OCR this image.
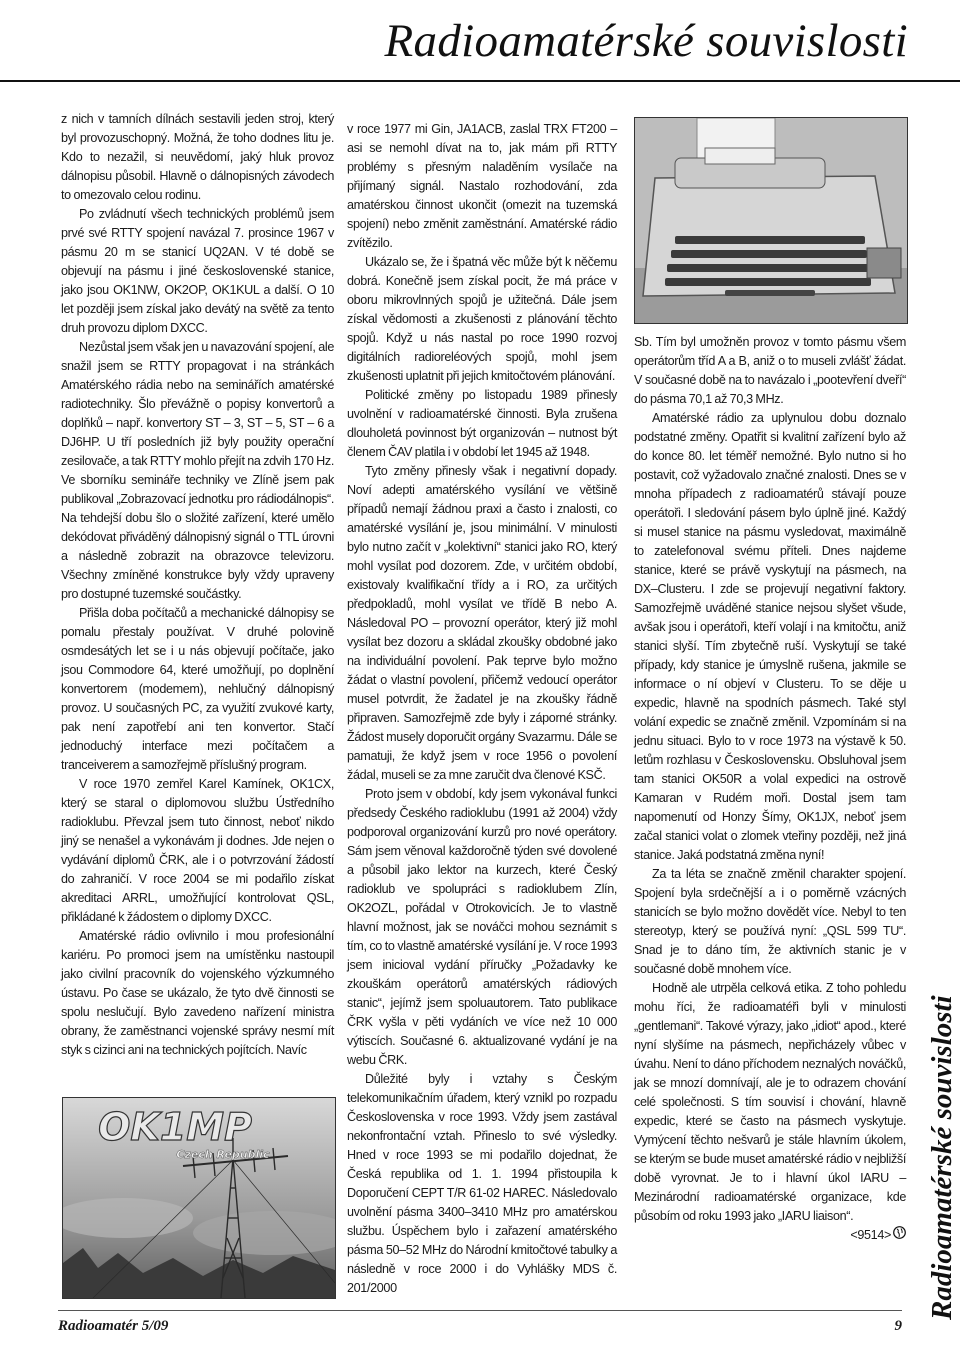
Radioamatérské souvislosti
OK1MP
Czech Republic

z nich v tamních dílnách sestavili jeden stroj, který byl provozuschopný. Možná, že toho dodnes litu je. Kdo to nezažil, si neuvědomí, jaký hluk provoz dálnopisu působil. Hlavně o dálnopisných závodech to omezovalo celou rodinu.

Po zvládnutí všech technických problémů jsem prvé své RTTY spojení navázal 7. prosince 1967 v pásmu 20 m se stanicí UQ2AN. V té době se objevují na pásmu i jiné československé stanice, jako jsou OK1NW, OK2OP, OK1KUL a další. O 10 let později jsem získal jako devátý na světě za tento druh provozu diplom DXCC.

Nezůstal jsem však jen u navazování spojení, ale snažil jsem se RTTY propagovat i na stránkách Amatérského rádia nebo na seminářích amatérské radiotechniky. Šlo převážně o popisy konvertorů a doplňků – např. konvertory ST – 3, ST – 5, ST – 6 a DJ6HP. U tří posledních již byly použity operační zesilovače, a tak RTTY mohlo přejít na zdvih 170 Hz. Ve sborníku semináře techniky ve Zlíně jsem pak publikoval „Zobrazovací jednotku pro rádiodálnopis“. Na tehdejší dobu šlo o složité zařízení, které umělo dekódovat přiváděný dálnopisný signál o TTL úrovni a následně zobrazit na obrazovce televizoru. Všechny zmíněné konstrukce byly vždy upraveny pro dostupné tuzemské součástky.

Přišla doba počítačů a mechanické dálnopisy se pomalu přestaly používat. V druhé polovině osmdesátých let se i u nás objevují počítače, jako jsou Commodore 64, které umožňují, po doplnění konvertorem (modemem), nehlučný dálnopisný provoz. U současných PC, za využití zvukové karty, pak není zapotřebí ani ten konvertor. Stačí jednoduchý interface mezi počítačem a tranceiverem a samozřejmě příslušný program.

V roce 1970 zemřel Karel Kamínek, OK1CX, který se staral o diplomovou službu Ústředního radioklubu. Převzal jsem tuto činnost, neboť nikdo jiný se nenašel a vykonávám ji dodnes. Jde nejen o vydávání diplomů ČRK, ale i o potvrzování žádostí do zahraničí. V roce 2004 se mi podařilo získat akreditaci ARRL, umožňující kontrolovat QSL, přikládané k žádostem o diplomy DXCC.

Amatérské rádio ovlivnilo i mou profesionální kariéru. Po promoci jsem na umístěnku nastoupil jako civilní pracovník do vojenského výzkumného ústavu. Po čase se ukázalo, že tyto dvě činnosti se spolu neslučují. Bylo zavedeno nařízení ministra obrany, že zaměstnanci vojenské správy nesmí mít styk s cizinci ani na technických pojítcích. Navíc

v roce 1977 mi Gin, JA1ACB, zaslal TRX FT200 – asi se nemohl dívat na to, jak mám při RTTY problémy s přesným naladěním vysílače na přijímaný signál. Nastalo rozhodování, zda amatérskou činnost ukončit (omezit na tuzemská spojení) nebo změnit zaměstnání. Amatérské rádio zvítězilo.

Ukázalo se, že i špatná věc může být k něčemu dobrá. Konečně jsem získal pocit, že má práce v oboru mikrovlnných spojů je užitečná. Dále jsem získal vědomosti a zkušenosti z plánování těchto spojů. Když u nás nastal po roce 1990 rozvoj digitálních radioreléových spojů, mohl jsem zkušenosti uplatnit při jejich kmitočtovém plánování.

Politické změny po listopadu 1989 přinesly uvolnění v radioamatérské činnosti. Byla zrušena dlouholetá povinnost být organizován – nutnost být členem ČAV platila i v období let 1945 až 1948.

Tyto změny přinesly však i negativní dopady. Noví adepti amatérského vysílání ve většině případů nemají žádnou praxi a často i znalosti, co amatérské vysílání je, jsou minimální. V minulosti bylo nutno začít v „kolektivní“ stanici jako RO, který mohl vysílat pod dozorem. Zde, v určitém období, existovaly kvalifikační třídy a i RO, za určitých předpokladů, mohl vysílat ve třídě B nebo A. Následoval PO – provozní operátor, který již mohl vysílat bez dozoru a skládal zkoušky obdobné jako na individuální povolení. Pak teprve bylo možno žádat o vlastní povolení, přičemž vedoucí operátor musel potvrdit, že žadatel je na zkoušky řádně připraven. Samozřejmě zde byly i záporné stránky. Žádost musely doporučit orgány Svazarmu. Dále se pamatuji, že když jsem v roce 1956 o povolení žádal, museli se za mne zaručit dva členové KSČ.

Proto jsem v období, kdy jsem vykonával funkci předsedy Českého radioklubu (1991 až 2004) vždy podporoval organizování kurzů pro nové operátory. Sám jsem věnoval každoročně týden své dovolené a působil jako lektor na kurzech, které Český radioklub ve spolupráci s radioklubem Zlín, OK2OZL, pořádal v Otrokovicích. Je to vlastně hlavní možnost, jak se nováčci mohou seznámit s tím, co to vlastně amatérské vysílání je. V roce 1993 jsem inicioval vydání příručky „Požadavky ke zkouškám operátorů amatérských rádiových stanic“, jejímž jsem spoluautorem. Tato publikace ČRK vyšla v pěti vydáních ve více než 10 000 výtiscích. Současné 6. aktualizované vydání je na webu ČRK.

Důležité byly i vztahy s Českým telekomunikačním úřadem, který vznikl po rozpadu Československa v roce 1993. Vždy jsem zastával nekonfrontační vztah. Přineslo to své výsledky. Hned v roce 1993 se mi podařilo dojednat, že Česká republika od 1. 1. 1994 přistoupila k Doporučení CEPT T/R 61-02 HAREC. Následovalo uvolnění pásma 3400–3410 MHz pro amatérskou službu. Úspěchem bylo i zařazení amatérského pásma 50–52 MHz do Národní kmitočtové tabulky a následně v roce 2000 i do Vyhlášky MDS č. 201/2000

Sb. Tím byl umožněn provoz v tomto pásmu všem operátorům tříd A a B, aniž o to museli zvlášť žádat. V současné době na to navázalo i „pootevření dveří“ do pásma 70,1 až 70,3 MHz.

Amatérské rádio za uplynulou dobu doznalo podstatné změny. Opatřit si kvalitní zařízení bylo až do konce 80. let téměř nemožné. Bylo nutno si ho postavit, což vyžadovalo značné znalosti. Dnes se v mnoha případech z radioamatérů stávají pouze operátoři. I sledování pásem bylo úplně jiné. Každý si musel stanice na pásmu vysledovat, maximálně to zatelefonoval svému příteli. Dnes najdeme stanice, které se právě vyskytují na pásmech, na DX–Clusteru. I zde se projevují negativní faktory. Samozřejmě uváděné stanice nejsou slyšet všude, avšak jsou i operátoři, kteří volají i na kmitočtu, aniž stanici slyší. Tím zbytečně ruší. Vyskytují se také případy, kdy stanice je úmyslně rušena, jakmile se informace o ní objeví v Clusteru. To se děje u expedic, hlavně na spodních pásmech. Také styl volání expedic se značně změnil. Vzpomínám si na jednu situaci. Bylo to v roce 1973 na výstavě k 50. letům rozhlasu v Československu. Obsluhoval jsem tam stanici OK50R a volal expedici na ostrově Kamaran v Rudém moři. Dostal jsem tam napomenutí od Honzy Šímy, OK1JX, neboť jsem začal stanici volat o zlomek vteřiny později, než jiná stanice. Jaká podstatná změna nyní!

Za ta léta se značně změnil charakter spojení. Spojení byla srdečnější a i o poměrně vzácných stanicích se bylo možno dovědět více. Nebyl to ten stereotyp, který se používá nyní: „QSL 599 TU“. Snad je to dáno tím, že aktivních stanic je v současné době mnohem více.

Hodně ale utrpěla celková etika. Z toho pohledu mohu říci, že radioamatéři byli v minulosti „gentlemani“. Takové výrazy, jako „idiot“ apod., které nyní slyšíme na pásmech, nepřicházely vůbec v úvahu. Není to dáno příchodem neznalých nováčků, jak se mnozí domnívají, ale je to odrazem chování celé společnosti. S tím souvisí i chování, hlavně expedic, které se často na pásmech vyskytuje. Vymýcení těchto nešvarů je stále hlavním úkolem, se kterým se bude muset amatérské rádio v nejbližší době vyrovnat. Je to i hlavní úkol IARU – Mezinárodní radioamatérské organizace, kde působím od roku 1993 jako „IARU liaison“.

<9514>	Radioamatérské souvislosti
Radioamatér 5/09	9
